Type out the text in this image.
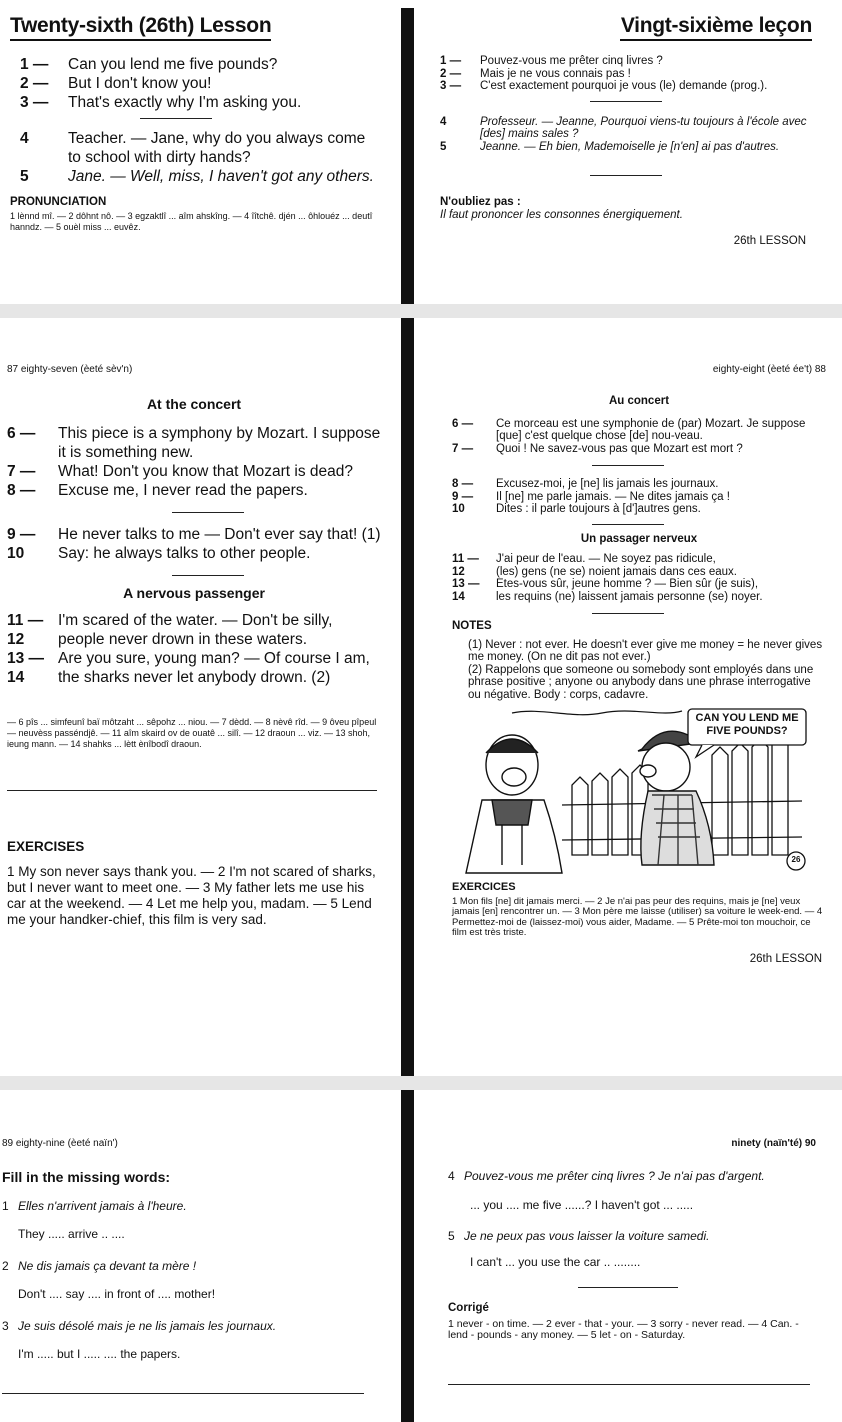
Twenty-sixth (26th) Lesson
1 —	Can you lend me five pounds?
2 —	But I don't know you!
3 —	That's exactly why I'm asking you.
4	Teacher. — Jane, why do you always come to school with dirty hands?
5	Jane. — Well, miss, I haven't got any others.
PRONUNCIATION
1 lènnd mî. — 2 dôhnt nô. — 3 egzaktlî ... aîm ahskîng. — 4 îîtchê. djén ... ôhlouéz ... deutî hanndz. — 5 ouèl miss ... euvêz.
Vingt-sixième leçon
1 —	Pouvez-vous me prêter cinq livres ?
2 —	Mais je ne vous connais pas !
3 —	C'est exactement pourquoi je vous (le) demande (prog.).
4	Professeur. — Jeanne, Pourquoi viens-tu toujours à l'école avec [des] mains sales ?
5	Jeanne. — Eh bien, Mademoiselle je [n'en] ai pas d'autres.
N'oubliez pas :
Il faut prononcer les consonnes énergiquement.
26th LESSON
87 eighty-seven (èeté sèv'n)
At the concert
6 —	This piece is a symphony by Mozart. I suppose it is something new.
7 —	What! Don't you know that Mozart is dead?
8 —	Excuse me, I never read the papers.
9 —	He never talks to me — Don't ever say that! (1)
10	Say: he always talks to other people.
A nervous passenger
11 — I'm scared of the water. — Don't be silly,
12	people never drown in these waters.
13 — Are you sure, young man? — Of course I am,
14	the sharks never let anybody drown. (2)
— 6 pîs ... simfeunî baï môtzaht ... sêpohz ... niou. — 7 dèdd. — 8 nèvê rîd. — 9 ôveu pîpeul — neuvèss passéndjê. — 11 aîm skaird ov de ouatê ... silî. — 12 draoun ... viz. — 13 shoh, ieung mann. — 14 shahks ... lètt ènîbodî draoun.
EXERCISES
1 My son never says thank you. — 2 I'm not scared of sharks, but I never want to meet one. — 3 My father lets me use his car at the weekend. — 4 Let me help you, madam. — 5 Lend me your handker-chief, this film is very sad.
eighty-eight (èeté ée't) 88
Au concert
6 —	Ce morceau est une symphonie de (par) Mozart. Je suppose [que] c'est quelque chose [de] nou-veau.
7 —	Quoi ! Ne savez-vous pas que Mozart est mort ?
8 —	Excusez-moi, je [ne] lis jamais les journaux.
9 —	Il [ne] me parle jamais. — Ne dites jamais ça !
10	Dites : il parle toujours à [d']autres gens.
Un passager nerveux
11 —	J'ai peur de l'eau. — Ne soyez pas ridicule,
12	(les) gens (ne se) noient jamais dans ces eaux.
13 —	Etes-vous sûr, jeune homme ? — Bien sûr (je suis),
14	les requins (ne) laissent jamais personne (se) noyer.
NOTES
(1) Never : not ever. He doesn't ever give me money = he never gives me money. (On ne dit pas not ever.)
(2) Rappelons que someone ou somebody sont employés dans une phrase positive ; anyone ou anybody dans une phrase interrogative ou négative. Body : corps, cadavre.
CAN YOU LEND ME FIVE POUNDS?
26
EXERCICES
1 Mon fils [ne] dit jamais merci. — 2 Je n'ai pas peur des requins, mais je [ne] veux jamais [en] rencontrer un. — 3 Mon père me laisse (utiliser) sa voiture le week-end. — 4 Permettez-moi de (laissez-moi) vous aider, Madame. — 5 Prête-moi ton mouchoir, ce film est très triste.
26th LESSON
89 eighty-nine (èeté naïn')
Fill in the missing words:
1 Elles n'arrivent jamais à l'heure.
They ..... arrive .. ....
2 Ne dis jamais ça devant ta mère !
Don't .... say .... in front of .... mother!
3 Je suis désolé mais je ne lis jamais les journaux.
I'm ..... but I ..... .... the papers.
ninety (naïn'té) 90
4 Pouvez-vous me prêter cinq livres ? Je n'ai pas d'argent.
... you .... me five ......? I haven't got ... .....
5 Je ne peux pas vous laisser la voiture samedi.
I can't ... you use the car .. ........
Corrigé
1 never - on time. — 2 ever - that - your. — 3 sorry - never read. — 4 Can. - lend - pounds - any money. — 5 let - on - Saturday.
